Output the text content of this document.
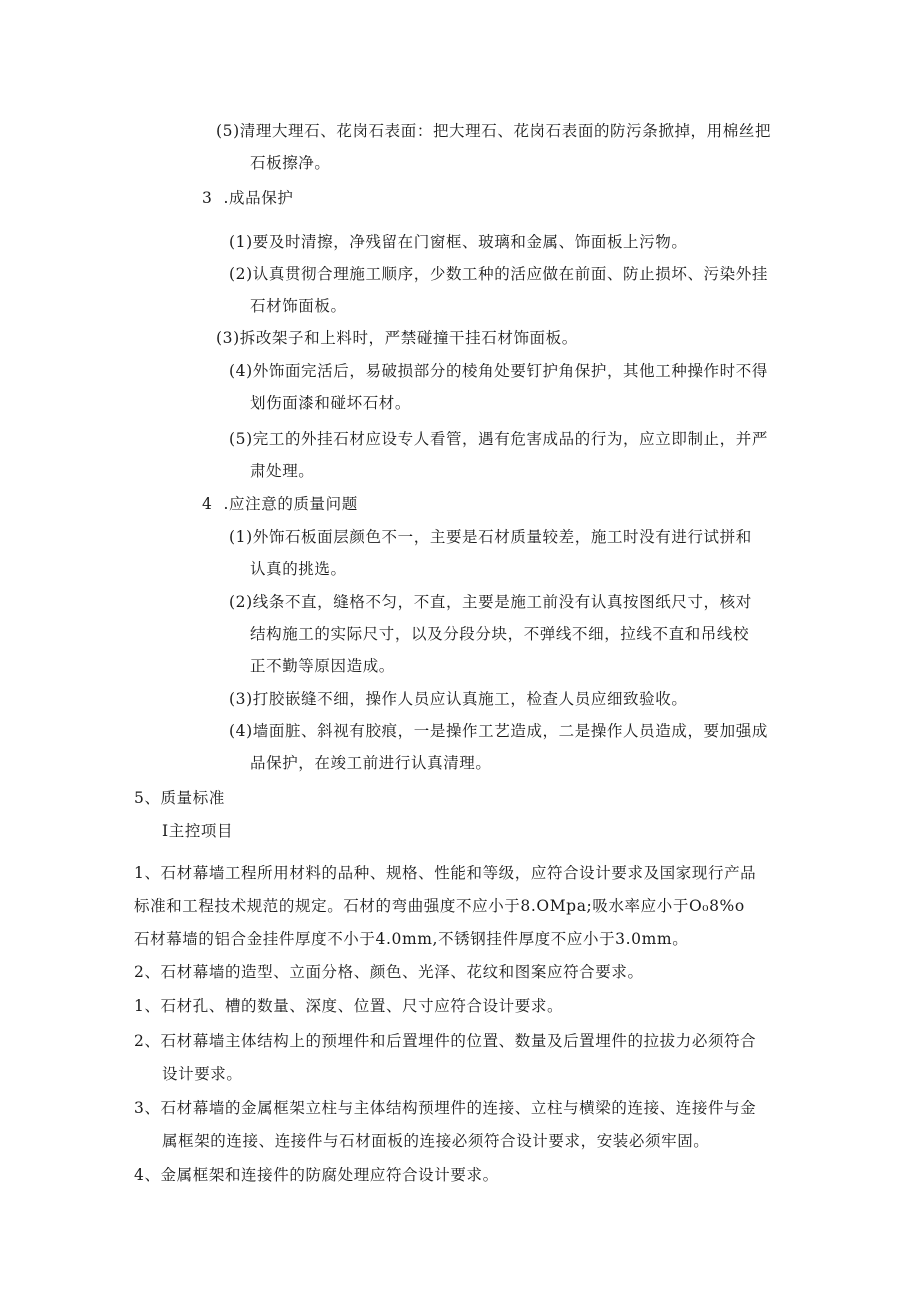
(5)清理大理石、花岗石表面：把大理石、花岗石表面的防污条掀掉，用棉丝把
石板擦净。
3  .成品保护
(1)要及时清擦，净残留在门窗框、玻璃和金属、饰面板上污物。
(2)认真贯彻合理施工顺序，少数工种的活应做在前面、防止损坏、污染外挂
石材饰面板。
(3)拆改架子和上料时，严禁碰撞干挂石材饰面板。
(4)外饰面完活后，易破损部分的棱角处要钉护角保护，其他工种操作时不得
划伤面漆和碰坏石材。
(5)完工的外挂石材应设专人看管，遇有危害成品的行为，应立即制止，并严
肃处理。
4  .应注意的质量问题
(1)外饰石板面层颜色不一，主要是石材质量较差，施工时没有进行试拼和
认真的挑选。
(2)线条不直，缝格不匀，不直，主要是施工前没有认真按图纸尺寸，核对
结构施工的实际尺寸，以及分段分块，不弹线不细，拉线不直和吊线校
正不勤等原因造成。
(3)打胶嵌缝不细，操作人员应认真施工，检查人员应细致验收。
(4)墙面脏、斜视有胶痕，一是操作工艺造成，二是操作人员造成，要加强成
品保护，在竣工前进行认真清理。
5、质量标准
I主控项目
1、石材幕墙工程所用材料的品种、规格、性能和等级，应符合设计要求及国家现行产品
标准和工程技术规范的规定。石材的弯曲强度不应小于8.OMpa;吸水率应小于O₀8%o
石材幕墙的铝合金挂件厚度不小于4.0mm,不锈钢挂件厚度不应小于3.0mm。
2、石材幕墙的造型、立面分格、颜色、光泽、花纹和图案应符合要求。
1、石材孔、槽的数量、深度、位置、尺寸应符合设计要求。
2、石材幕墙主体结构上的预埋件和后置埋件的位置、数量及后置埋件的拉拔力必须符合
设计要求。
3、石材幕墙的金属框架立柱与主体结构预埋件的连接、立柱与横梁的连接、连接件与金
属框架的连接、连接件与石材面板的连接必须符合设计要求，安装必须牢固。
4、金属框架和连接件的防腐处理应符合设计要求。
